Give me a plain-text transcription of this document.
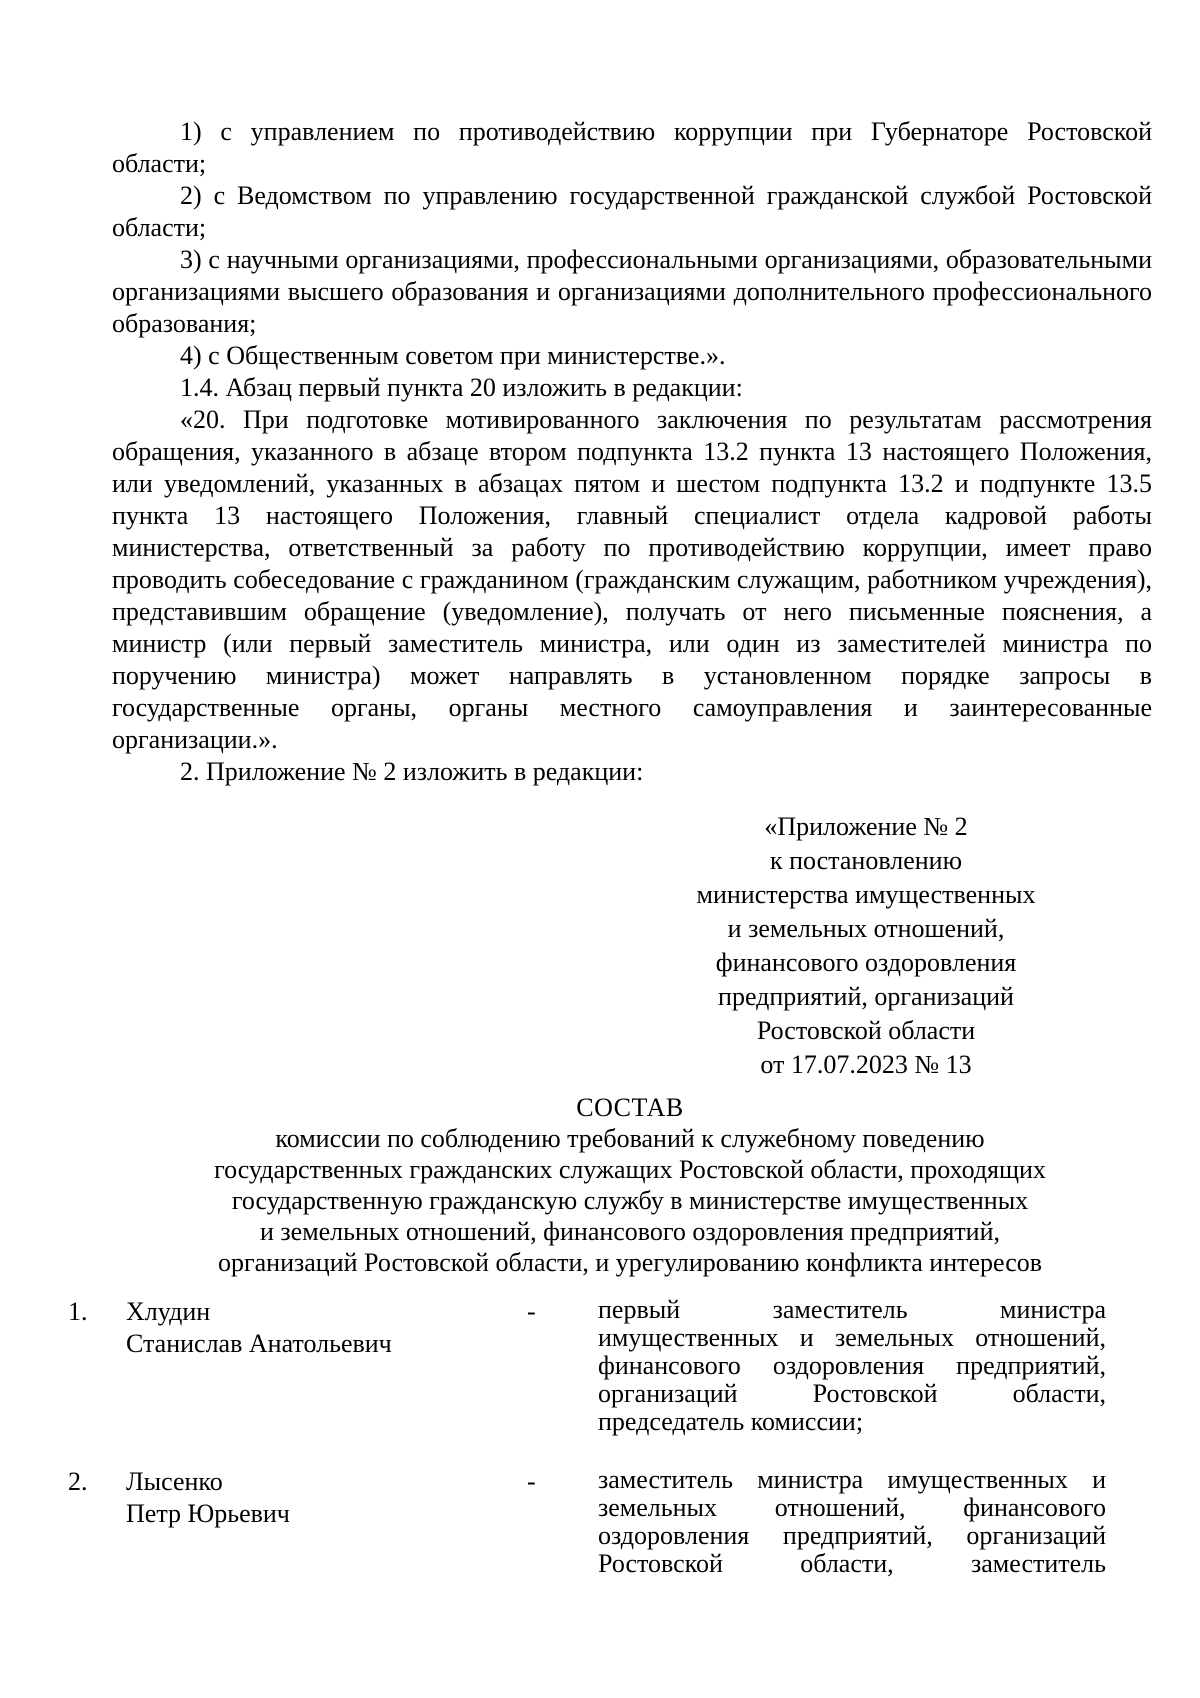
1) с управлением по противодействию коррупции при Губернаторе Ростовской области;

2) с Ведомством по управлению государственной гражданской службой Ростовской области;

3) с научными организациями, профессиональными организациями, образовательными организациями высшего образования и организациями дополнительного профессионального образования;

4) с Общественным советом при министерстве.».

1.4. Абзац первый пункта 20 изложить в редакции:

«20. При подготовке мотивированного заключения по результатам рассмотрения обращения, указанного в абзаце втором подпункта 13.2 пункта 13 настоящего Положения, или уведомлений, указанных в абзацах пятом и шестом подпункта 13.2 и подпункте 13.5 пункта 13 настоящего Положения, главный специалист отдела кадровой работы министерства, ответственный за работу по противодействию коррупции, имеет право проводить собеседование с гражданином (гражданским служащим, работником учреждения), представившим обращение (уведомление), получать от него письменные пояснения, а министр (или первый заместитель министра, или один из заместителей министра по поручению министра) может направлять в установленном порядке запросы в государственные органы, органы местного самоуправления и заинтересованные организации.».

2. Приложение № 2 изложить в редакции:

«Приложение № 2
к постановлению
министерства имущественных
и земельных отношений,
финансового оздоровления
предприятий, организаций
Ростовской области
от 17.07.2023 № 13
СОСТАВ
комиссии по соблюдению требований к служебному поведению
государственных гражданских служащих Ростовской области, проходящих
государственную гражданскую службу в министерстве имущественных
и земельных отношений, финансового оздоровления предприятий,
организаций Ростовской области, и урегулированию конфликта интересов
1. Хлудин
Станислав Анатольевич
- первый заместитель министра имущественных и земельных отношений, финансового оздоровления предприятий, организаций Ростовской области, председатель комиссии;
2. Лысенко
Петр Юрьевич
- заместитель министра имущественных и земельных отношений, финансового оздоровления предприятий, организаций Ростовской области, заместитель
